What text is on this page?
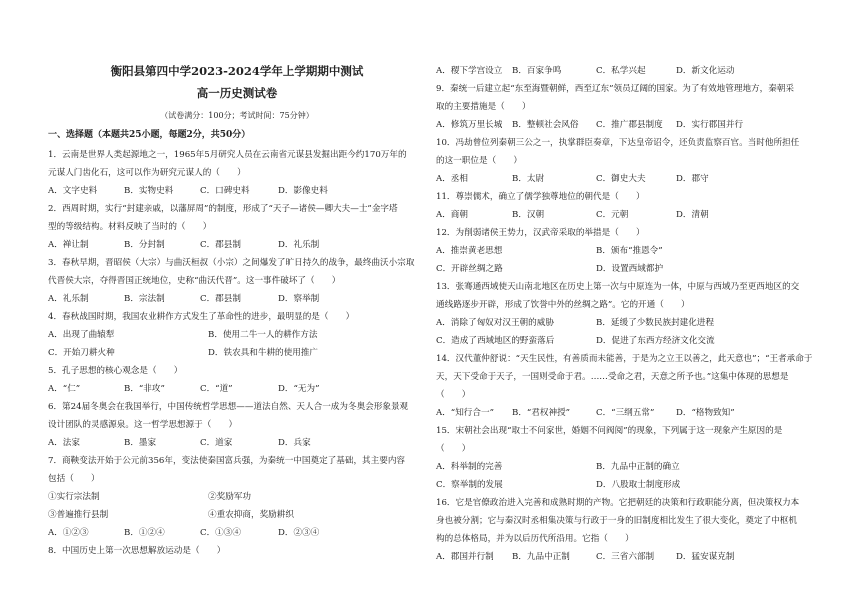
衡阳县第四中学2023-2024学年上学期期中测试
高一历史测试卷
（试卷满分：100分；考试时间：75分钟）
一、选择题（本题共25小题，每题2分，共50分）
1．云南是世界人类起源地之一，1965年5月研究人员在云南省元谋县发掘出距今约170万年的
元谋人门齿化石，这可以作为研究元谋人的（　　）
A．文字史料	B．实物史料	C．口碑史料	D．影像史料
2．西周时期，实行“封建亲戚，以藩屏周”的制度，形成了“天子—诸侯—卿大夫—士”金字塔
型的等级结构。材料反映了当时的（　　）
A．禅让制	B．分封制	C．郡县制	D．礼乐制
3．春秋早期，晋昭侯（大宗）与曲沃桓叔（小宗）之间爆发了旷日持久的战争，最终曲沃小宗取
代晋侯大宗，夺得晋国正统地位，史称“曲沃代晋”。这一事件破坏了（　　）
A．礼乐制	B．宗法制	C．郡县制	D．察举制
4．春秋战国时期，我国农业耕作方式发生了革命性的进步，最明显的是（　　）
A．出现了曲辕犁	B．使用二牛一人的耕作方法
C．开始刀耕火种	D．铁农具和牛耕的使用推广
5．孔子思想的核心观念是（　　）
A．“仁”	B．“非攻”	C．“道”	D．“无为”
6．第24届冬奥会在我国举行，中国传统哲学思想——道法自然、天人合一成为冬奥会形象景观
设计团队的灵感源泉。这一哲学思想源于（　　）
A．法家	B．墨家	C．道家	D．兵家
7．商鞅变法开始于公元前356年，变法使秦国富兵强，为秦统一中国奠定了基础，其主要内容
包括（　　）
①实行宗法制	②奖励军功
③普遍推行县制	④重农抑商，奖励耕织
A．①②③	B．①②④	C．①③④	D．②③④
8．中国历史上第一次思想解放运动是（　　）
A．稷下学宫设立 B．百家争鸣	C．私学兴起	D．新文化运动
9．秦统一后建立起“东至海暨朝鲜，西至辽东”领员辽阔的国家。为了有效地管理地方，秦朝采
取的主要措施是（　　）
A．修筑万里长城 B．整顿社会风俗 C．推广郡县制度 D．实行郡国并行
10．冯劫曾位列秦朝三公之一，执掌群臣奏章，下达皇帝诏令，还负责监察百官。当时他所担任
的这一职位是（　　）
A．丞相	B．太尉	C．御史大夫	D．郡守
11．尊崇儒术，确立了儒学独尊地位的朝代是（　　）
A．商朝	B．汉朝	C．元朝	D．清朝
12．为削弱诸侯王势力，汉武帝采取的举措是（　　）
A．推崇黄老思想	B．颁布“推恩令”
C．开辟丝绸之路	D．设置西域都护
13．张骞通西域使天山南北地区在历史上第一次与中原连为一体，中原与西域乃至更西地区的交
通线路逐步开辟，形成了饮誉中外的丝绸之路”。它的开通（　　）
A．消除了匈奴对汉王朝的威胁	B．延缓了少数民族封建化进程
C．造成了西域地区的野蛮落后	D．促进了东西方经济文化交流
14．汉代董仲舒说：“天生民性，有善质而未能善，于是为之立王以善之，此天意也”；“王者承命于
天，天下受命于天子，一国则受命于君。……受命之君，天意之所予也。”这集中体现的思想是
（　　）
A．“知行合一” B．“君权神授”	C．“三纲五常”	D．“格物致知”
15．宋朝社会出现“取士不问家世，婚姻不问阀阅”的现象，下列属于这一现象产生原因的是
（　　）
A．科举制的完善	B．九品中正制的确立
C．察举制的发展	D．八股取士制度形成
16．它是官僚政治进入完善和成熟时期的产物。它把朝廷的决策和行政职能分离，但决策权力本
身也被分割；它与秦汉时丞相集决策与行政于一身的旧制度相比发生了很大变化，奠定了中枢机
构的总体格局，并为以后历代所沿用。它指（　　）
A．郡国并行制 B．九品中正制	C．三省六部制	D．猛安谋克制
